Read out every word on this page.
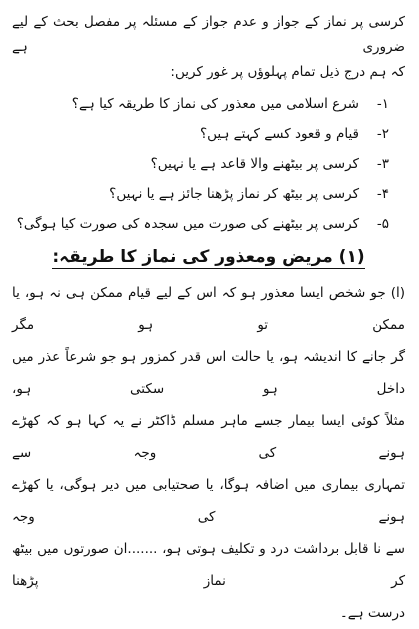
کرسی پر نماز کے جواز و عدم جواز کے مسئلہ پر مفصل بحث کے لیے ضروری ہے
کہ ہم درج ذیل تمام پہلوؤں پر غور کریں:
۱-
شرع اسلامی میں معذور کی نماز کا طریقہ کیا ہے؟
۲-
قیام و قعود کسے کہتے ہیں؟
۳-
کرسی پر بیٹھنے والا قاعد ہے یا نہیں؟
۴-
کرسی پر بیٹھ کر نماز پڑھنا جائز ہے یا نہیں؟
۵-
کرسی پر بیٹھنے کی صورت میں سجدہ کی صورت کیا ہوگی؟
(۱) مریض ومعذور کی نماز کا طریقہ:
(ا) جو شخص ایسا معذور ہو کہ اس کے لیے قیام ممکن ہی نہ ہو، یا ممکن تو ہو مگر
گر جانے کا اندیشہ ہو، یا حالت اس قدر کمزور ہو جو شرعاً عذر میں داخل ہو سکتی ہو،
مثلاً کوئی ایسا بیمار جسے ماہر مسلم ڈاکٹر نے یہ کہا ہو کہ کھڑے ہونے کی وجہ سے
تمہاری بیماری میں اضافہ ہوگا، یا صحتیابی میں دیر ہوگی، یا کھڑے ہونے کی وجہ
سے نا قابل برداشت درد و تکلیف ہوتی ہو، .......ان صورتوں میں بیٹھ کر نماز پڑھنا
درست ہے۔
